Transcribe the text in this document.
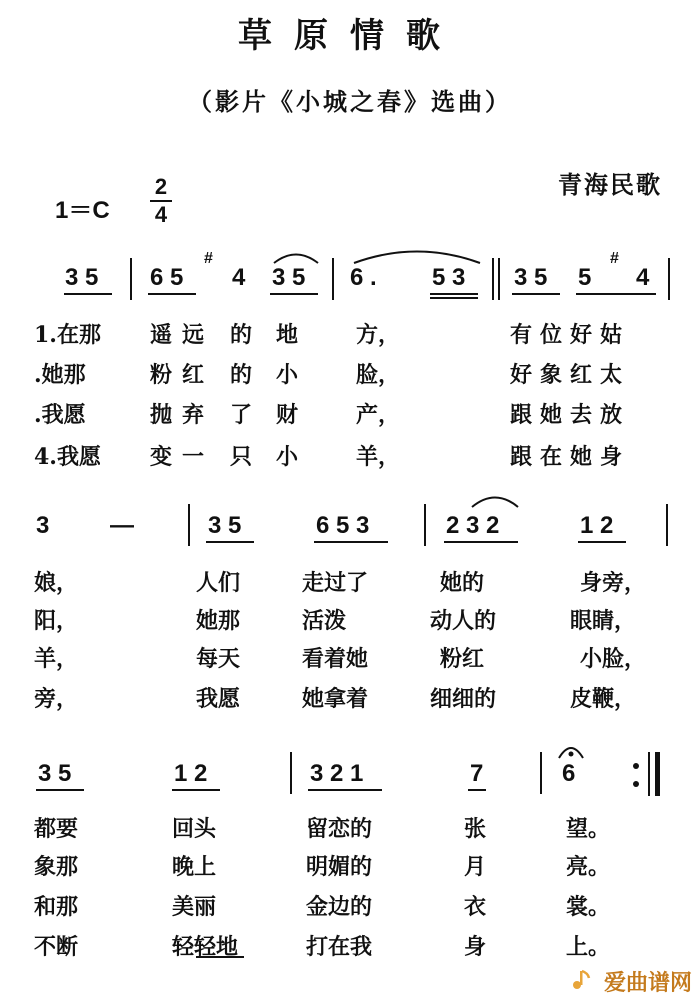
草原情歌
（影片《小城之春》选曲）
青海民歌
1＝C
2
4
3 5 6 5
#
4 3 5 6 . 5 3 3 5 5
#
4
1.在那 遥远 的地 方，	有位好姑
.她那	粉红 的小 脸，	好象红太
.我愿	抛弃 了财 产，	跟她去放
4.我愿 变一 只小 羊，	跟在她身
3	—	3 5	6 5 3	2 3 2	1 2
娘，	人们	走过了	她的	身旁，
阳，	她那	活泼	动人的	眼睛，
羊，	每天	看着她	粉红	小脸，
旁，	我愿	她拿着	细细的	皮鞭，
3 5	1 2	3 2 1	7	6
都要	回头	留恋的	张	望。
象那	晚上	明媚的	月	亮。
和那	美丽	金边的	衣	裳。
不断	轻轻地	打在我	身	上。
爱曲谱网
